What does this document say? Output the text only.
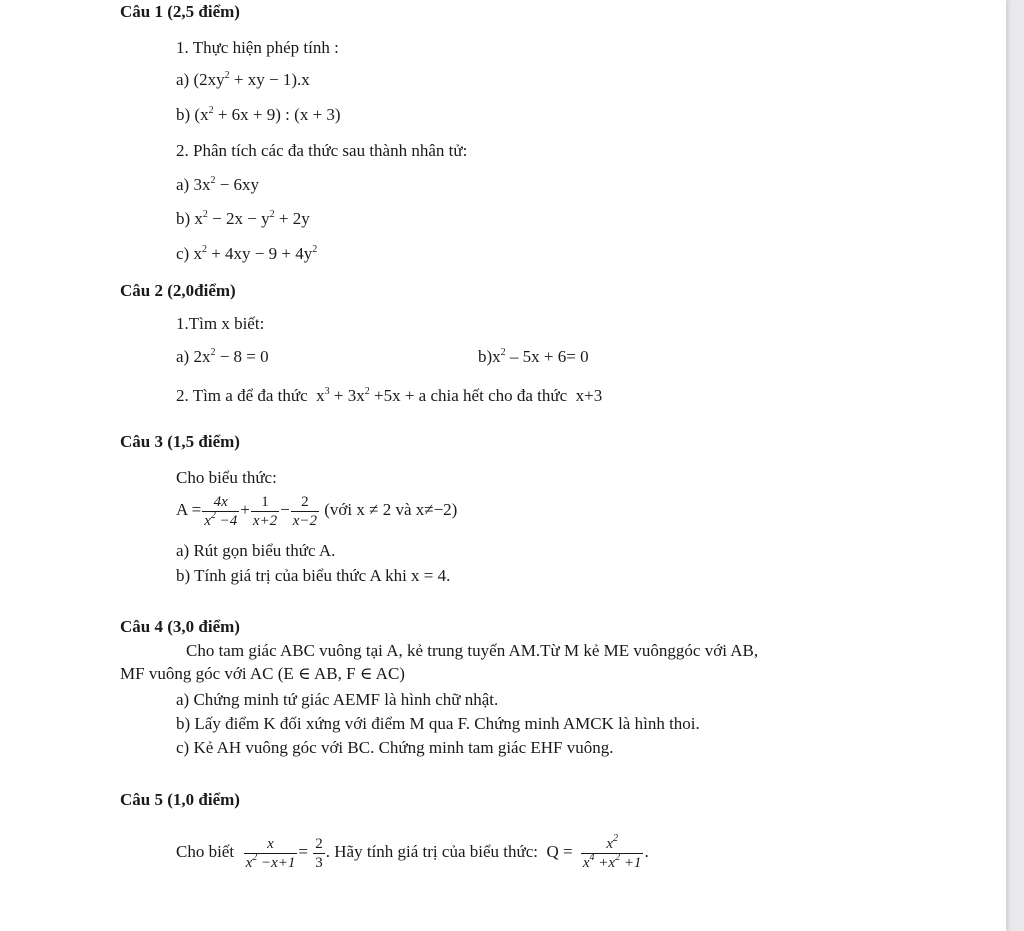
Câu 1 (2,5 điểm)
1. Thực hiện phép tính :
a) ($2xy^2$ + xy − 1).x
b) $(x^2 + 6x + 9)$ : (x + 3)
2. Phân tích các đa thức sau thành nhân tử:
a) $3x^2 - 6xy$
b) $x^2 - 2x - y^2 + 2y$
c) $x^2 + 4xy - 9 + 4y^2$
Câu 2 (2,0điểm)
1.Tìm x biết:
a) $2x^2 - 8 = 0$	$b)x^2 - 5x + 6= 0$
2. Tìm a để đa thức  $x^3 + 3x^2 +5x + a$ chia hết cho đa thức x+3
Câu 3 (1,5 điểm)
Cho biểu thức:
$A = \frac{4x}{x^2 -4} + \frac{1}{x+2} - \frac{2}{x-2}$ (với x ≠ 2 và x≠−2)
a) Rút gọn biểu thức A.
b) Tính giá trị của biểu thức A khi x = 4.
Câu 4 (3,0 điểm)
Cho tam giác ABC vuông tại A, kẻ trung tuyến AM.Từ M kẻ ME vuônggóc với AB,
MF vuông góc với AC (E ∈ AB, F ∈ AC)
a) Chứng minh tứ giác AEMF là hình chữ nhật.
b) Lấy điểm K đối xứng với điểm M qua F. Chứng minh AMCK là hình thoi.
c) Kẻ AH vuông góc với BC. Chứng minh tam giác EHF vuông.
Câu 5 (1,0 điểm)
Cho biết $\frac{x}{x^2 -x+1} = \frac{2}{3}$ . Hãy tính giá trị của biểu thức:  $Q = \frac{x^2}{x^4 +x^2 +1}$ .
